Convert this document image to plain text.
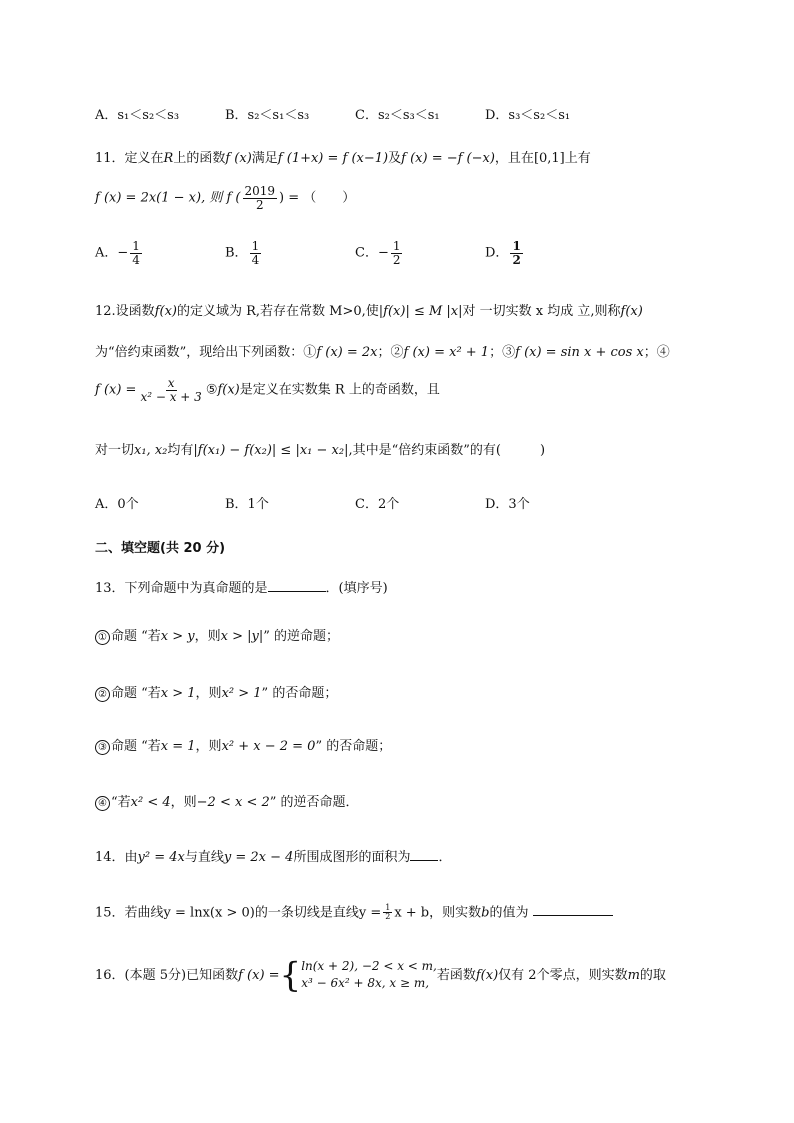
A．s₁＜s₂＜s₃	B．s₂＜s₁＜s₃	C．s₂＜s₃＜s₁	D．s₃＜s₂＜s₁
11．定义在R上的函数f (x)满足f (1+x) = f (x−1)及f (x) = −f (−x)，且在[0,1]上有
f (x) = 2x(1 − x), 则 f ( $\frac{2019}{2}$ ) = （　　）
A．− $\frac{1}{4}$	B． $\frac{1}{4}$	C．− $\frac{1}{2}$	D． $\frac{1}{2}$
12.设函数f(x)的定义域为 R,若存在常数 M>0,使|f(x)| ≤ M |x|对 一切实数 x 均成 立,则称f(x)
为“倍约束函数”，现给出下列函数：①f (x) = 2x；②f (x) = x² + 1；③f (x) = sin x + cos x；④
f $(x) = \frac{x}{\text{x² − x + 3}}$ ⑤f(x)是定义在实数集 R 上的奇函数，且
对一切x₁, x₂均有|f(x₁) − f(x₂)| ≤ |x₁ − x₂|,其中是“倍约束函数”的有(　　　)
A．0个	B．1个	C．2个	D．3个
二、填空题(共 20 分)
13．下列命题中为真命题的是	．(填序号)
① 命题 “若x > y，则x > |y|” 的逆命题；
② 命题 “若x > 1，则x² > 1” 的否命题；
③ 命题 “若x = 1，则x² + x − 2 = 0” 的否命题；
④ “若x² < 4，则−2 < x < 2” 的逆否命题．
14．由y² = 4x与直线y = 2x − 4所围成图形的面积为 ．
15．若曲线y = lnx(x > 0)的一条切线是直线$y = \frac{1}{2}$ x + b，则实数b的值为
16．(本题 5分)已知函数f (x) ={ ln(x + 2), −2 < x < m,
x³ − 6x² + 8x, x ≥ m,
若函数f(x)仅有 2个零点，则实数m的取
